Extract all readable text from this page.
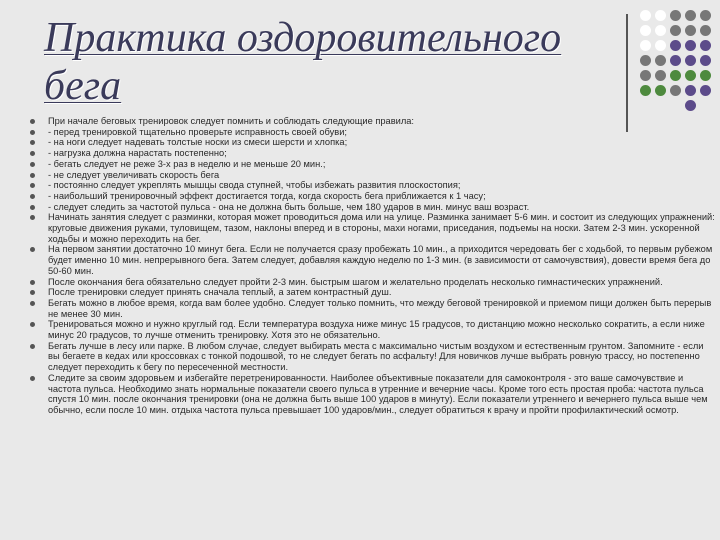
Практика оздоровительного
бега
При начале беговых тренировок следует помнить и соблюдать следующие правила:
- перед тренировкой тщательно проверьте исправность своей обуви;
- на ноги следует надевать толстые носки из смеси шерсти и хлопка;
- нагрузка должна нарастать постепенно;
- бегать следует не реже 3-х раз в неделю и не меньше 20 мин.;
- не следует увеличивать скорость бега
- постоянно следует укреплять мышцы свода ступней, чтобы избежать развития плоскостопия;
- наибольший тренировочный эффект достигается тогда, когда скорость бега приближается к 1 часу;
- следует следить за частотой пульса - она не должна быть больше, чем 180 ударов в мин. минус ваш возраст.
Начинать занятия следует с разминки, которая может проводиться дома или на улице. Разминка занимает 5-6 мин. и состоит из следующих упражнений: круговые движения руками, туловищем, тазом, наклоны вперед и в стороны, махи ногами, приседания, подъемы на носки. Затем 2-3 мин. ускоренной ходьбы и можно переходить на бег.
На первом занятии достаточно 10 минут бега. Если не получается сразу пробежать 10 мин., а приходится чередовать бег с ходьбой, то первым рубежом будет именно 10 мин. непрерывного бега. Затем следует, добавляя каждую неделю по 1-3 мин. (в зависимости от самочувствия), довести время бега до 50-60 мин.
После окончания бега обязательно следует пройти 2-3 мин. быстрым шагом и желательно проделать несколько гимнастических упражнений.
После тренировки следует принять сначала теплый, а затем контрастный душ.
Бегать можно в любое время, когда вам более удобно. Следует только помнить, что между беговой тренировкой и приемом пищи должен быть перерыв не менее 30 мин.
Тренироваться можно и нужно круглый год. Если температура воздуха ниже минус 15 градусов, то дистанцию можно несколько сократить, а если ниже минус 20 градусов, то лучше отменить тренировку. Хотя это не обязательно.
Бегать лучше в лесу или парке. В любом случае, следует выбирать места с максимально чистым воздухом и естественным грунтом. Запомните - если вы бегаете в кедах или кроссовках с тонкой подошвой, то не следует бегать по асфальту! Для новичков лучше выбрать ровную трассу, но постепенно следует переходить к бегу по пересеченной местности.
Следите за своим здоровьем и избегайте перетренированности. Наиболее объективные показатели для самоконтроля - это ваше самочувствие и частота пульса. Необходимо знать нормальные показатели своего пульса в утренние и вечерние часы. Кроме того есть простая проба: частота пульса спустя 10 мин. после окончания тренировки (она не должна быть выше 100 ударов в минуту). Если показатели утреннего и вечернего пульса выше чем обычно, если после 10 мин. отдыха частота пульса превышает 100 ударов/мин., следует обратиться к врачу и пройти профилактический осмотр.
